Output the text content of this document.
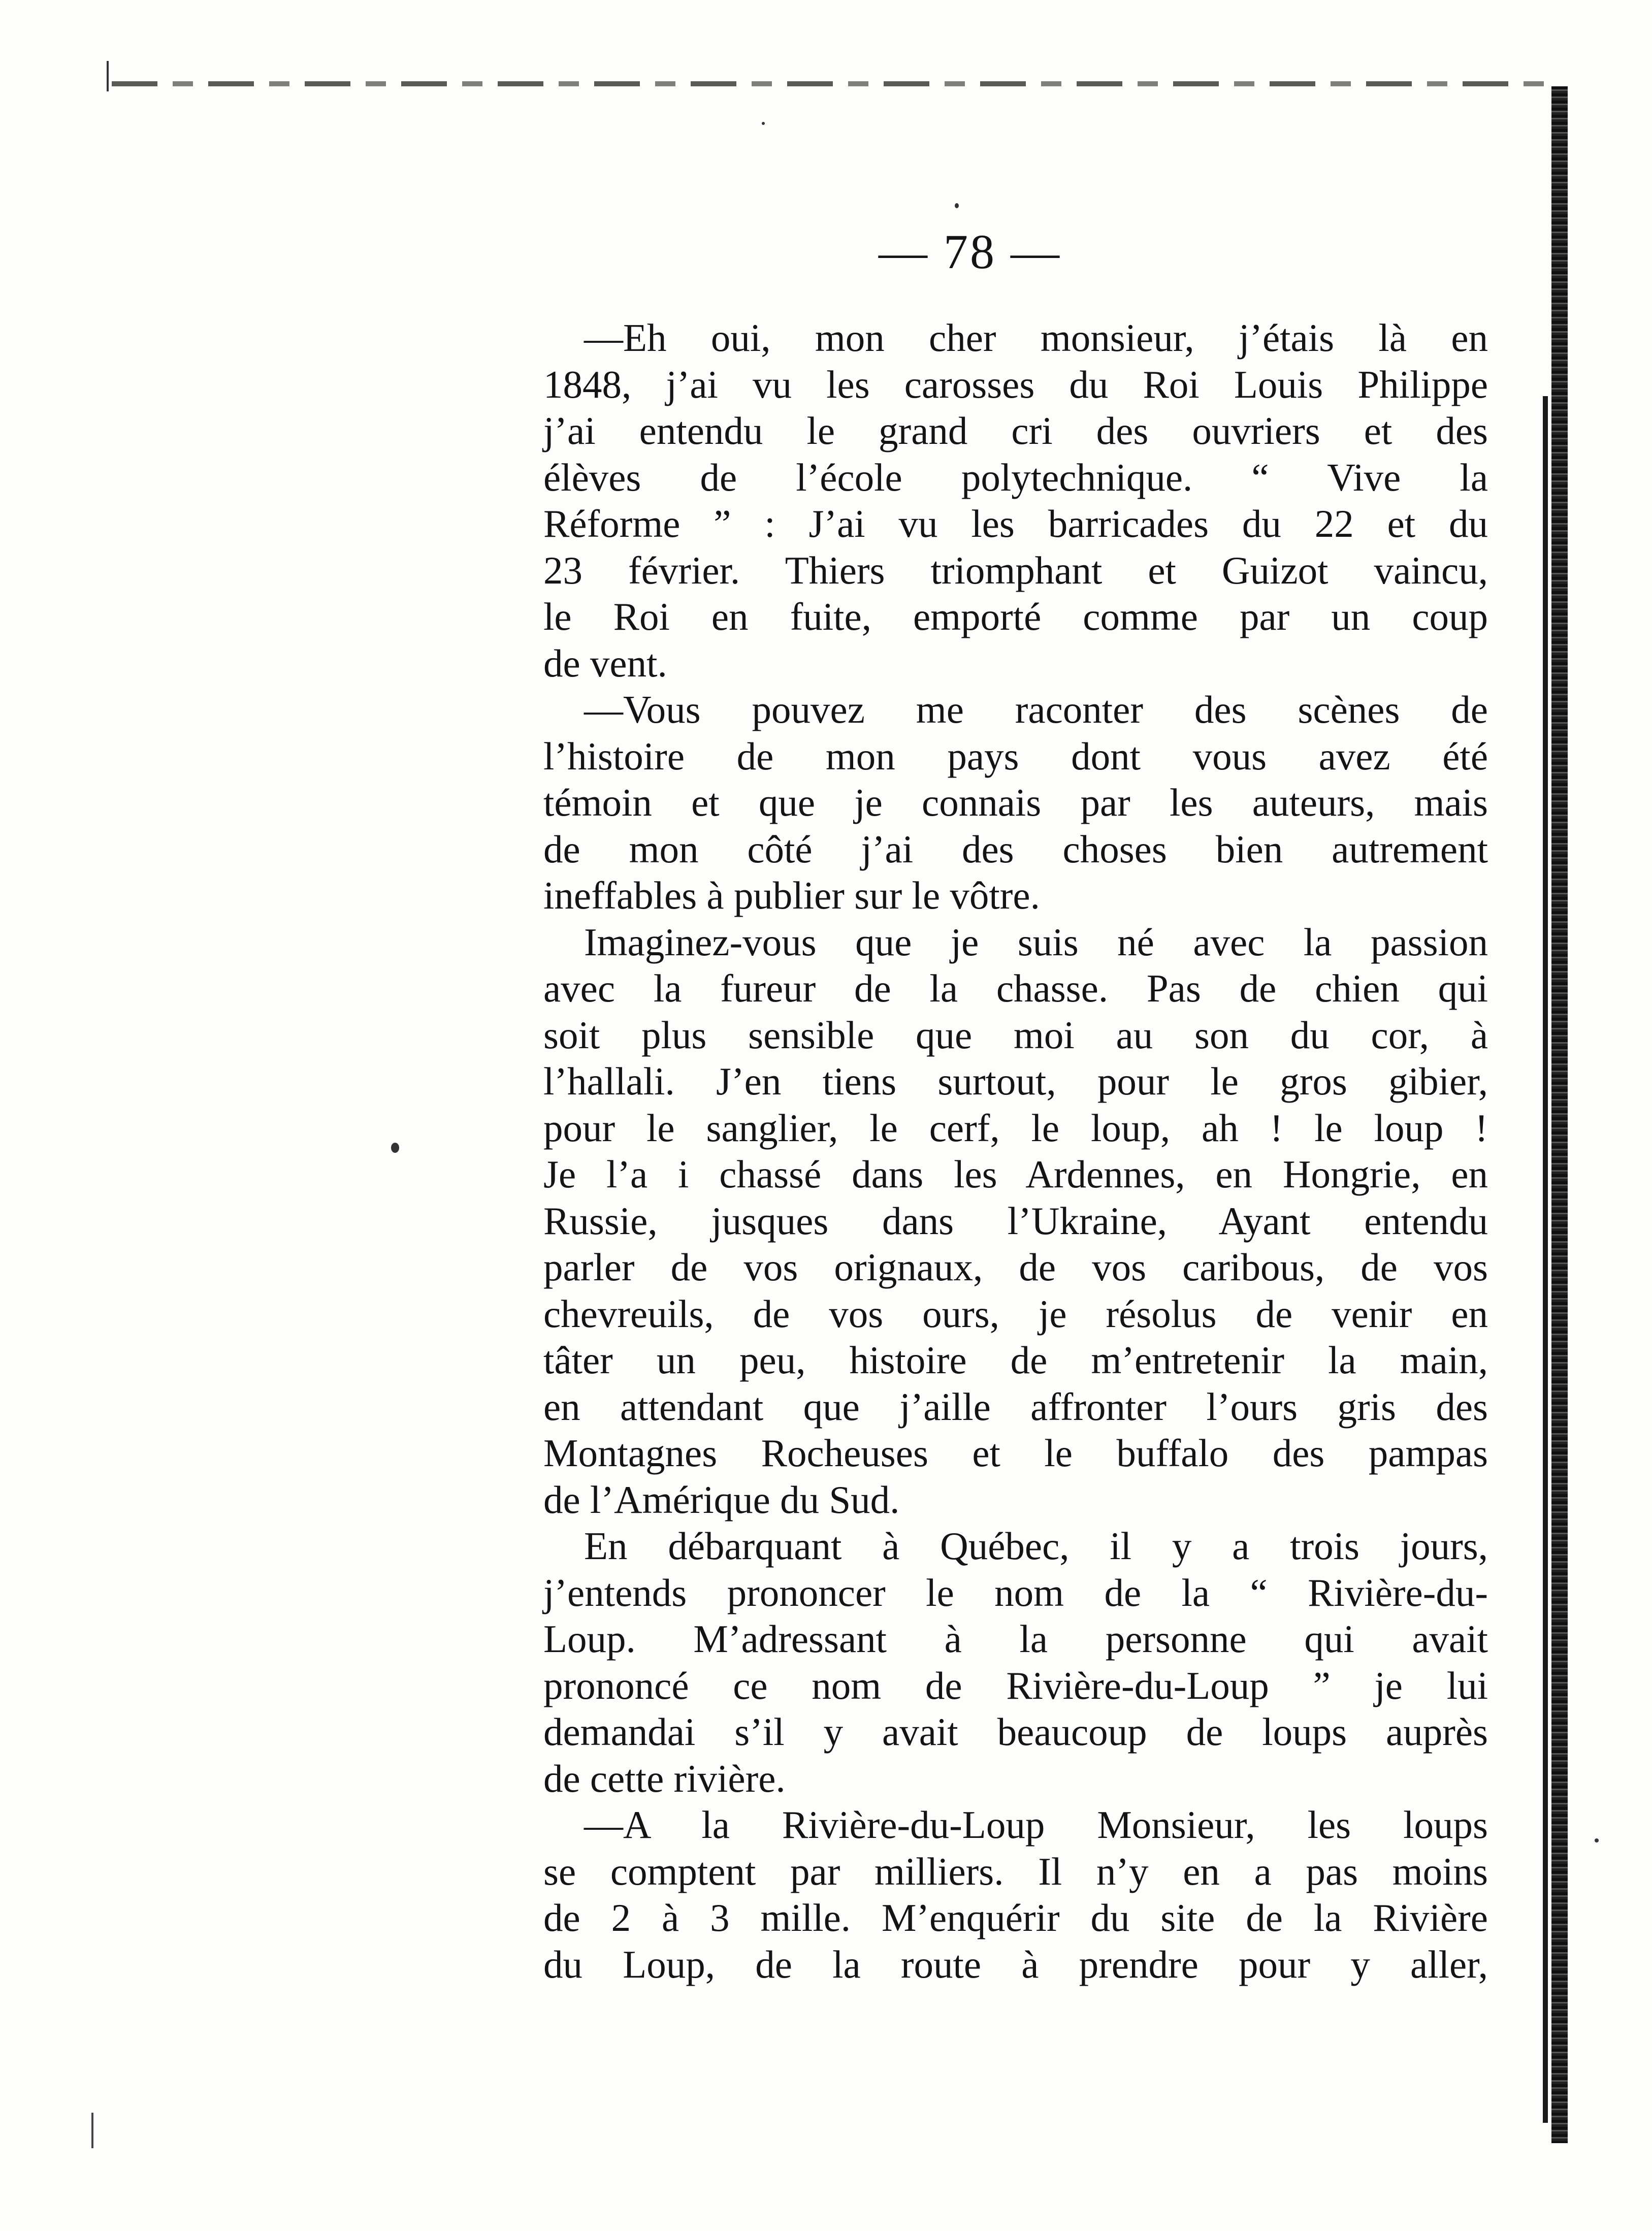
— 78 —
—Eh oui, mon cher monsieur, j’étais là en
1848, j’ai vu les carosses du Roi Louis Philippe
j’ai entendu le grand cri des ouvriers et des
élèves de l’école polytechnique. “ Vive la
Réforme ” : J’ai vu les barricades du 22 et du
23 février. Thiers triomphant et Guizot vaincu,
le Roi en fuite, emporté comme par un coup
de vent.
—Vous pouvez me raconter des scènes de
l’histoire de mon pays dont vous avez été
témoin et que je connais par les auteurs, mais
de mon côté j’ai des choses bien autrement
ineffables à publier sur le vôtre.
Imaginez-vous que je suis né avec la passion
avec la fureur de la chasse. Pas de chien qui
soit plus sensible que moi au son du cor, à
l’hallali. J’en tiens surtout, pour le gros gibier,
pour le sanglier, le cerf, le loup, ah ! le loup !
Je l’a i chassé dans les Ardennes, en Hongrie, en
Russie, jusques dans l’Ukraine, Ayant entendu
parler de vos orignaux, de vos caribous, de vos
chevreuils, de vos ours, je résolus de venir en
tâter un peu, histoire de m’entretenir la main,
en attendant que j’aille affronter l’ours gris des
Montagnes Rocheuses et le buffalo des pampas
de l’Amérique du Sud.
En débarquant à Québec, il y a trois jours,
j’entends prononcer le nom de la “ Rivière-du-
Loup. M’adressant à la personne qui avait
prononcé ce nom de Rivière-du-Loup ” je lui
demandai s’il y avait beaucoup de loups auprès
de cette rivière.
—A la Rivière-du-Loup Monsieur, les loups
se comptent par milliers. Il n’y en a pas moins
de 2 à 3 mille. M’enquérir du site de la Rivière
du Loup, de la route à prendre pour y aller,
